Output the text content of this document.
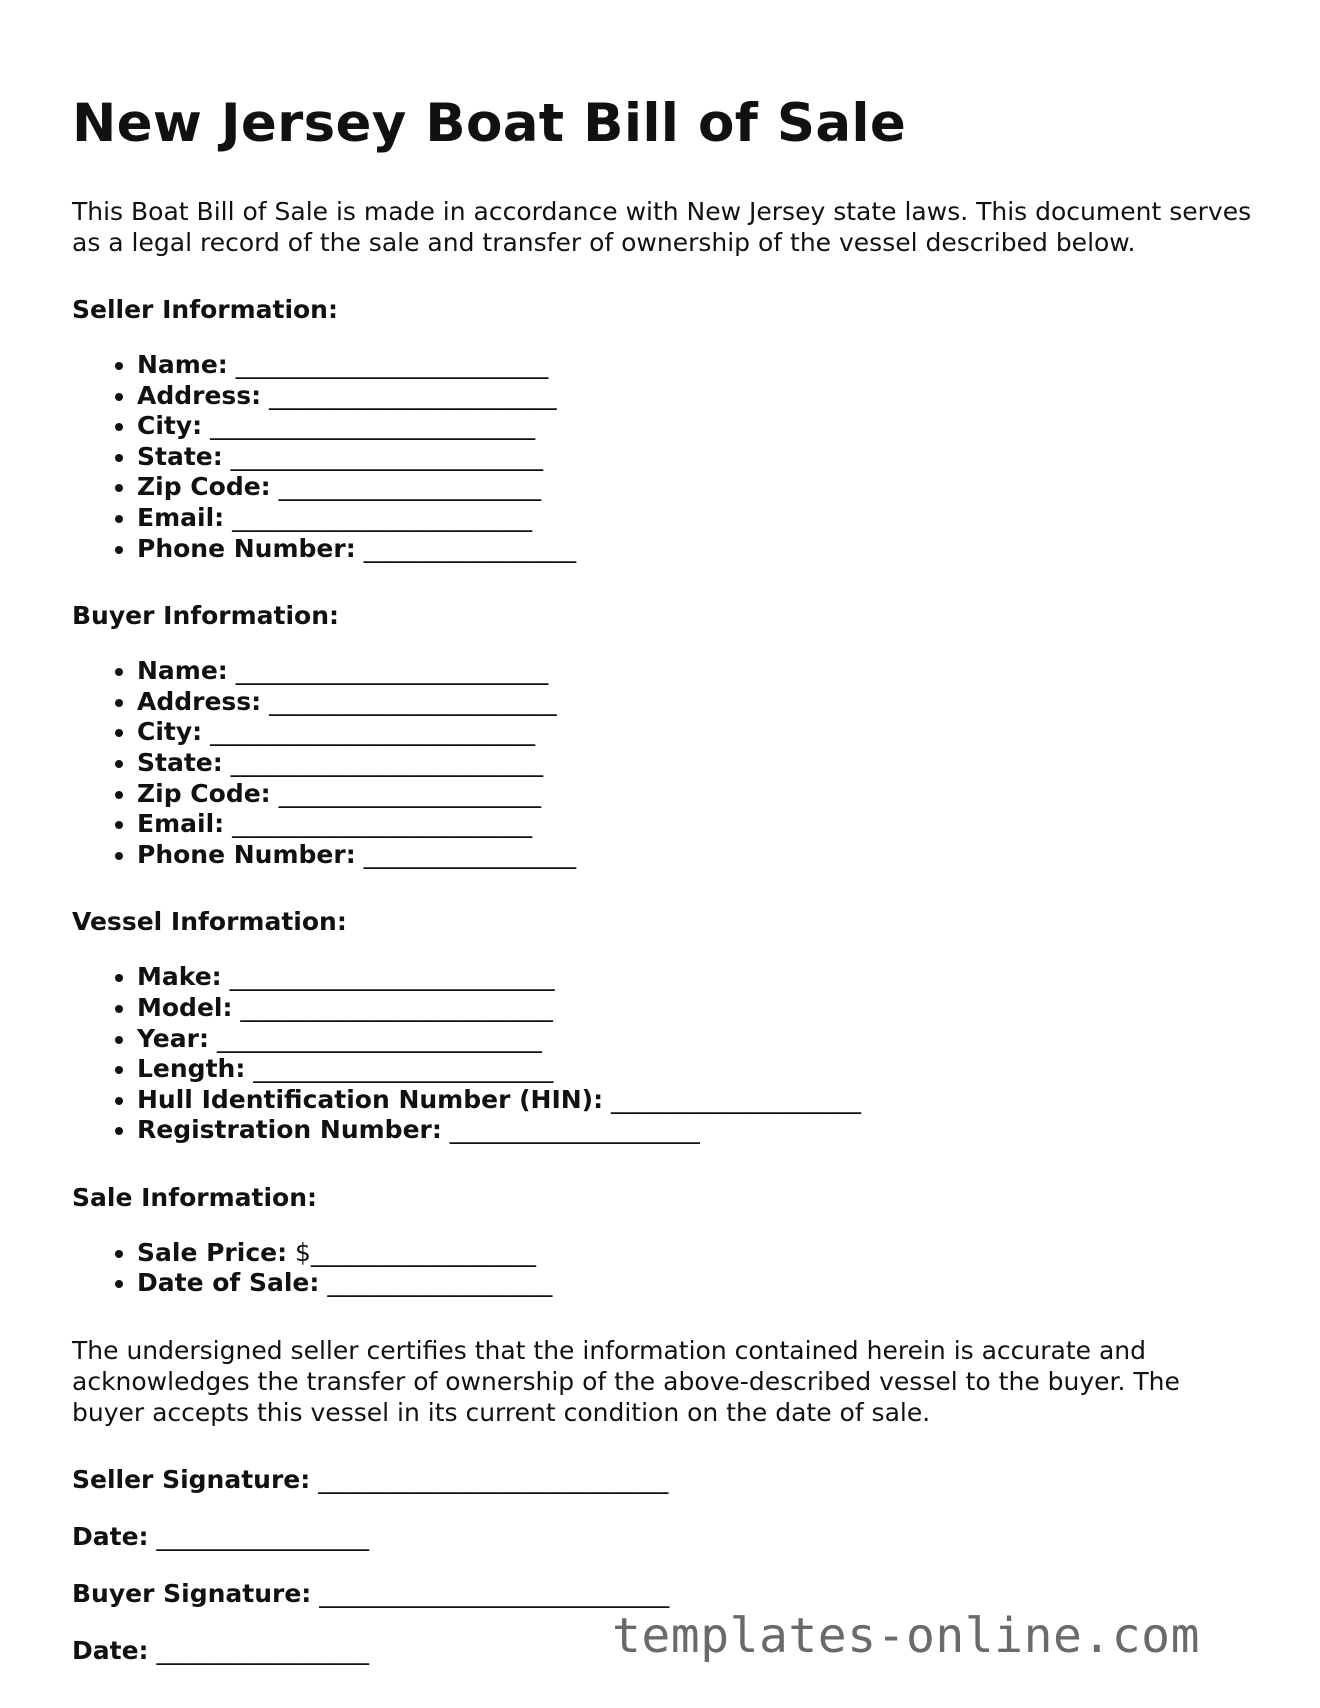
New Jersey Boat Bill of Sale

This Boat Bill of Sale is made in accordance with New Jersey state laws. This document serves as a legal record of the sale and transfer of ownership of the vessel described below.

Seller Information:
• Name: _________________________
• Address: _______________________
• City: __________________________
• State: _________________________
• Zip Code: _____________________
• Email: ________________________
• Phone Number: _________________
Buyer Information:
• Name: _________________________
• Address: _______________________
• City: __________________________
• State: _________________________
• Zip Code: _____________________
• Email: ________________________
• Phone Number: _________________
Vessel Information:
• Make: __________________________
• Model: _________________________
• Year: __________________________
• Length: ________________________
• Hull Identification Number (HIN): ____________________
• Registration Number: ____________________
Sale Information:
• Sale Price: $__________________
• Date of Sale: __________________

The undersigned seller certifies that the information contained herein is accurate and acknowledges the transfer of ownership of the above-described vessel to the buyer. The buyer accepts this vessel in its current condition on the date of sale.

Seller Signature: ____________________________
Date: _________________
Buyer Signature: ____________________________
Date: _________________	templates-online.com
